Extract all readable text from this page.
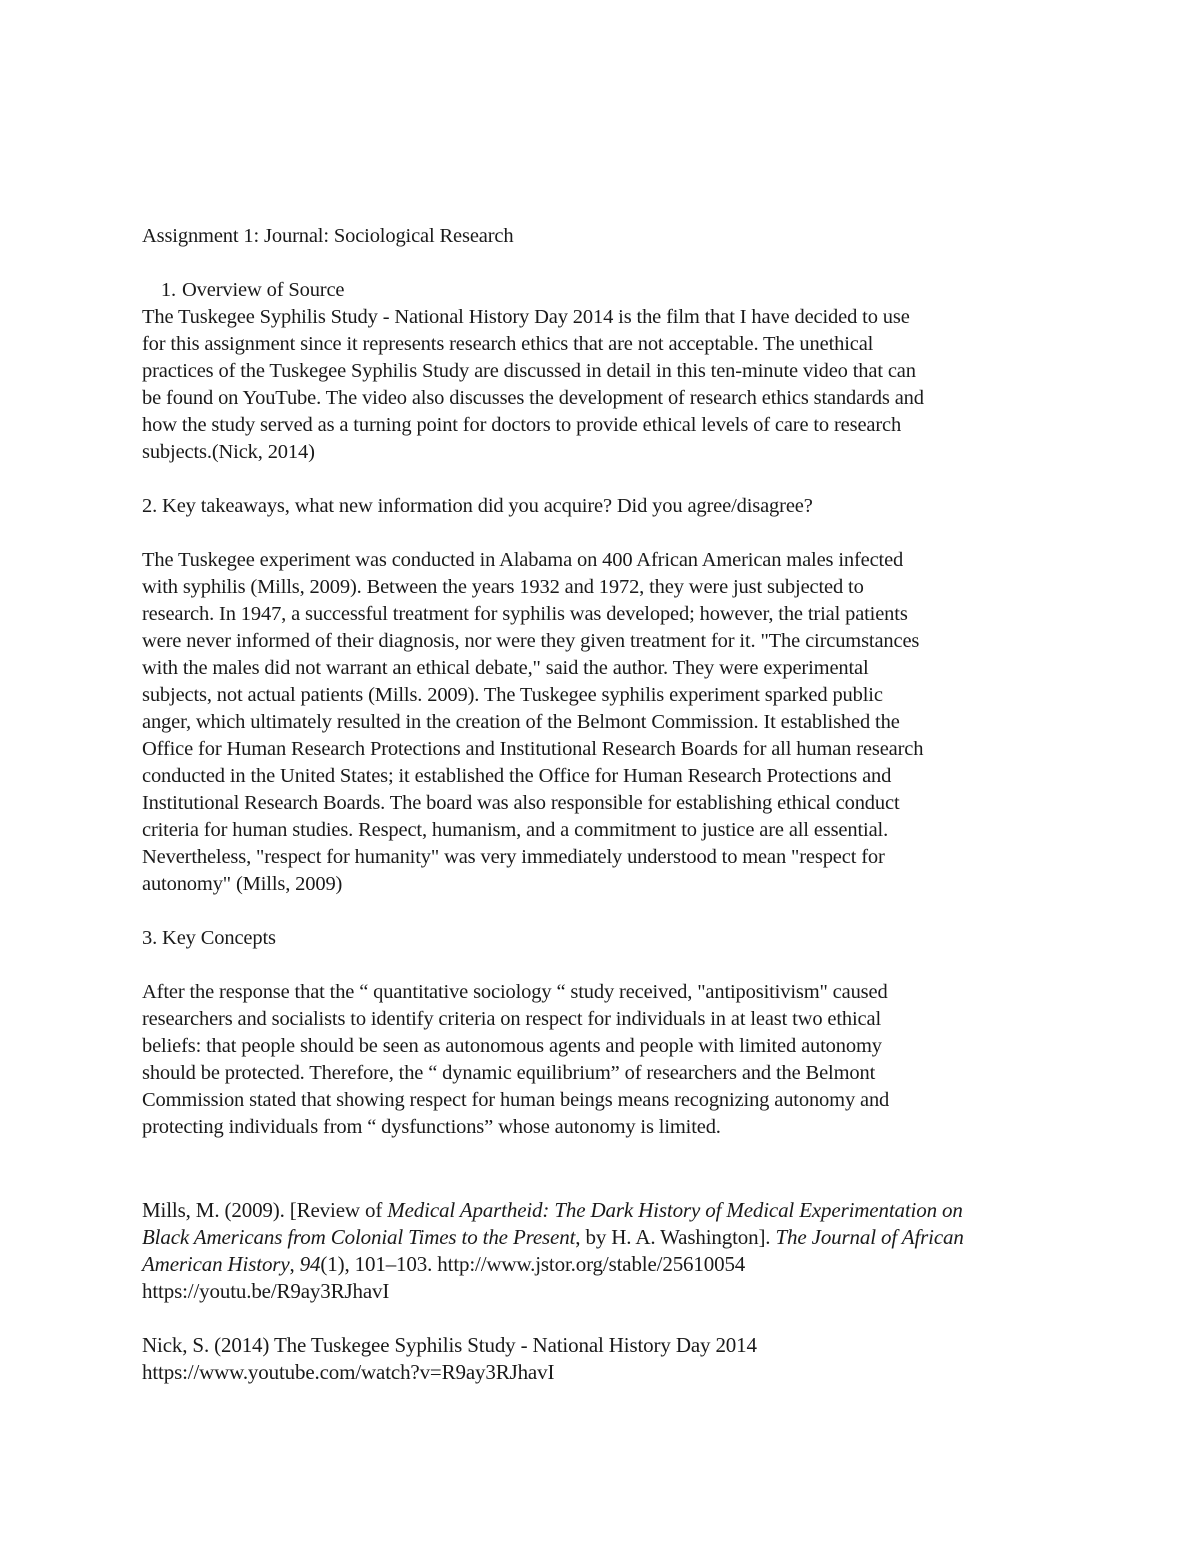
Assignment 1: Journal: Sociological Research
1. Overview of Source
The Tuskegee Syphilis Study - National History Day 2014 is the film that I have decided to use
for this assignment since it represents research ethics that are not acceptable. The unethical
practices of the Tuskegee Syphilis Study are discussed in detail in this ten-minute video that can
be found on YouTube. The video also discusses the development of research ethics standards and
how the study served as a turning point for doctors to provide ethical levels of care to research
subjects.(Nick, 2014)
2. Key takeaways, what new information did you acquire? Did you agree/disagree?
The Tuskegee experiment was conducted in Alabama on 400 African American males infected
with syphilis (Mills, 2009). Between the years 1932 and 1972, they were just subjected to
research. In 1947, a successful treatment for syphilis was developed; however, the trial patients
were never informed of their diagnosis, nor were they given treatment for it. "The circumstances
with the males did not warrant an ethical debate," said the author. They were experimental
subjects, not actual patients (Mills. 2009). The Tuskegee syphilis experiment sparked public
anger, which ultimately resulted in the creation of the Belmont Commission. It established the
Office for Human Research Protections and Institutional Research Boards for all human research
conducted in the United States; it established the Office for Human Research Protections and
Institutional Research Boards. The board was also responsible for establishing ethical conduct
criteria for human studies. Respect, humanism, and a commitment to justice are all essential.
Nevertheless, "respect for humanity" was very immediately understood to mean "respect for
autonomy" (Mills, 2009)
3. Key Concepts
After the response that the “ quantitative sociology “ study received, "antipositivism" caused
researchers and socialists to identify criteria on respect for individuals in at least two ethical
beliefs: that people should be seen as autonomous agents and people with limited autonomy
should be protected. Therefore, the “ dynamic equilibrium” of researchers and the Belmont
Commission stated that showing respect for human beings means recognizing autonomy and
protecting individuals from “ dysfunctions” whose autonomy is limited.
Mills, M. (2009). [Review of Medical Apartheid: The Dark History of Medical Experimentation on
Black Americans from Colonial Times to the Present, by H. A. Washington]. The Journal of African
American History, 94(1), 101–103. http://www.jstor.org/stable/25610054
https://youtu.be/R9ay3RJhavI
Nick, S. (2014) The Tuskegee Syphilis Study - National History Day 2014
https://www.youtube.com/watch?v=R9ay3RJhavI
